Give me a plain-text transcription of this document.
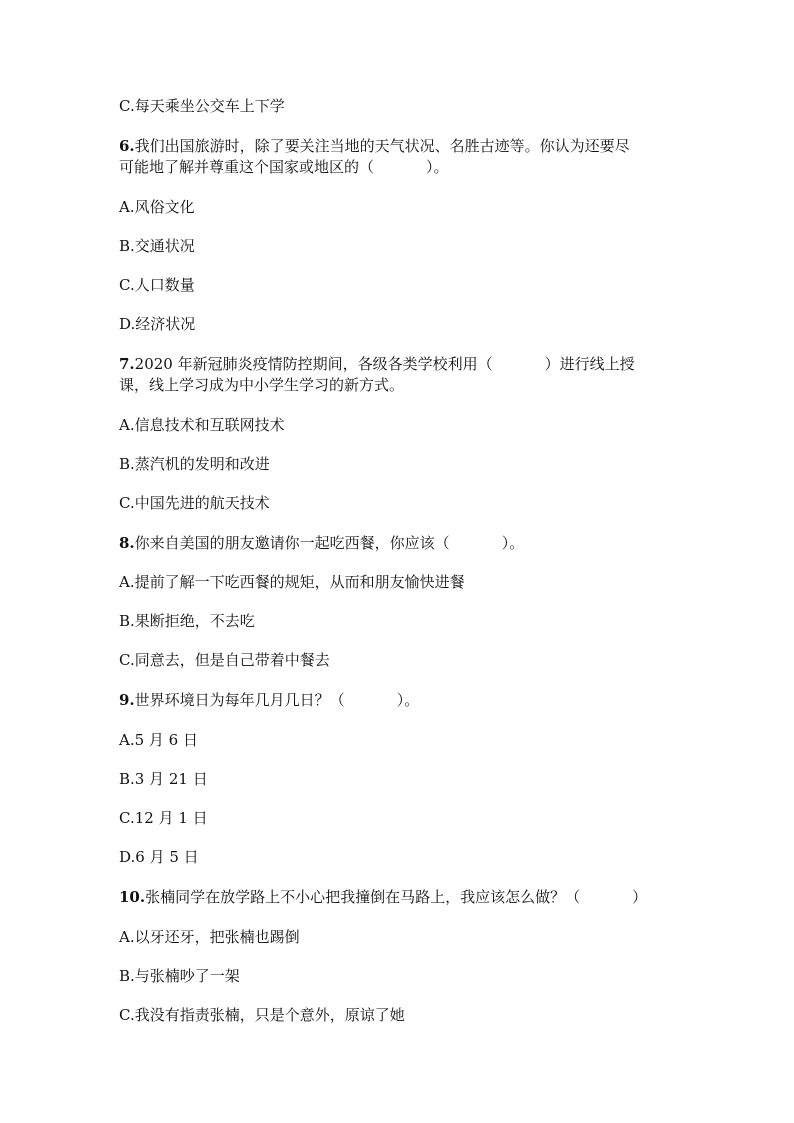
C.每天乘坐公交车上下学
6.我们出国旅游时，除了要关注当地的天气状况、名胜古迹等。你认为还要尽
可能地了解并尊重这个国家或地区的（	）。
A.风俗文化
B.交通状况
C.人口数量
D.经济状况
7.2020 年新冠肺炎疫情防控期间，各级各类学校利用（	）进行线上授
课，线上学习成为中小学生学习的新方式。
A.信息技术和互联网技术
B.蒸汽机的发明和改进
C.中国先进的航天技术
8.你来自美国的朋友邀请你一起吃西餐，你应该（	）。
A.提前了解一下吃西餐的规矩，从而和朋友愉快进餐
B.果断拒绝，不去吃
C.同意去，但是自己带着中餐去
9.世界环境日为每年几月几日？（	）。
A.5 月 6 日
B.3 月 21 日
C.12 月 1 日
D.6 月 5 日
10.张楠同学在放学路上不小心把我撞倒在马路上，我应该怎么做？（	）
A.以牙还牙，把张楠也踢倒
B.与张楠吵了一架
C.我没有指责张楠，只是个意外，原谅了她
